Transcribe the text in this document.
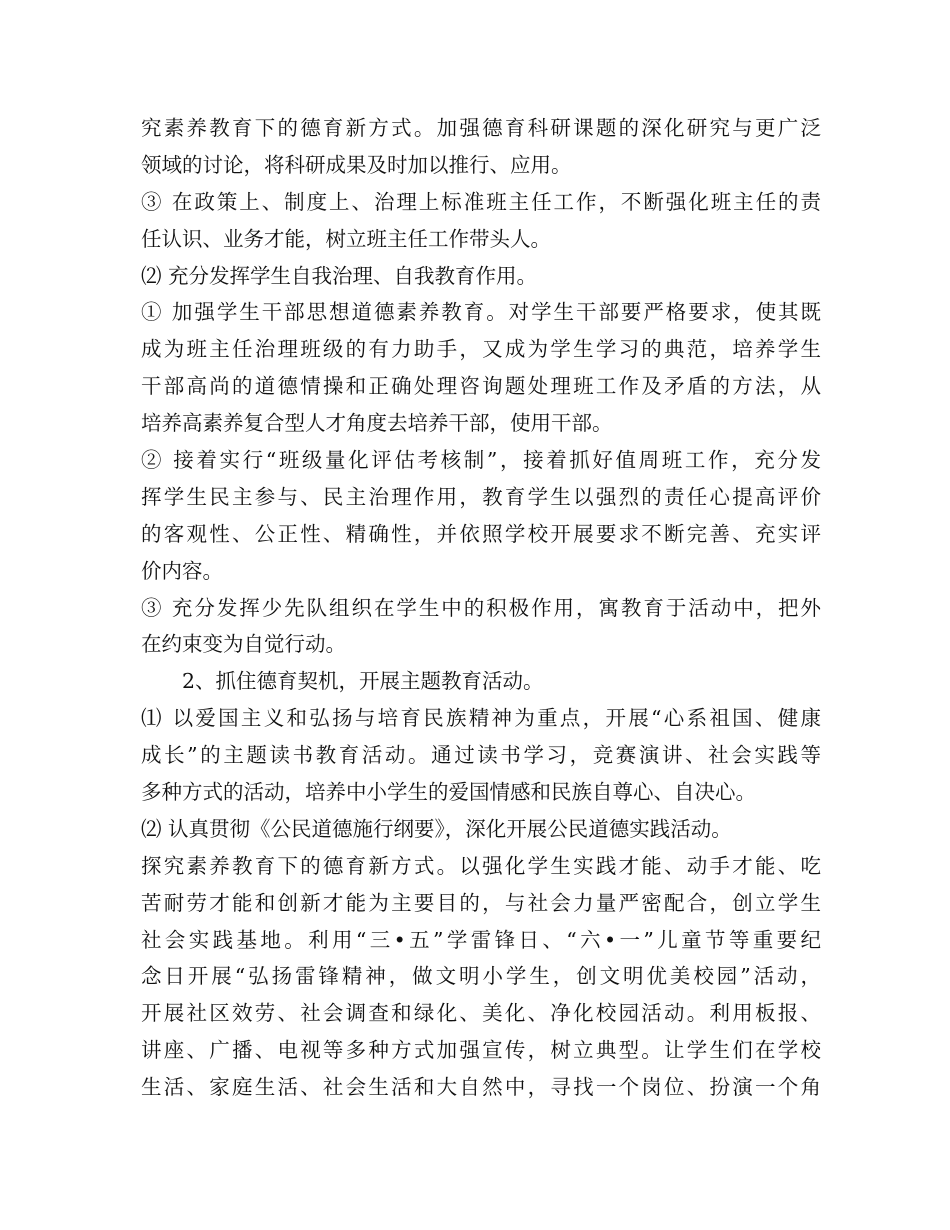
究素养教育下的德育新方式。加强德育科研课题的深化研究与更广泛
领域的讨论，将科研成果及时加以推行、应用。
③ 在政策上、制度上、治理上标准班主任工作，不断强化班主任的责
任认识、业务才能，树立班主任工作带头人。
⑵ 充分发挥学生自我治理、自我教育作用。
① 加强学生干部思想道德素养教育。对学生干部要严格要求，使其既
成为班主任治理班级的有力助手，又成为学生学习的典范，培养学生
干部高尚的道德情操和正确处理咨询题处理班工作及矛盾的方法，从
培养高素养复合型人才角度去培养干部，使用干部。
② 接着实行“班级量化评估考核制”，接着抓好值周班工作，充分发
挥学生民主参与、民主治理作用，教育学生以强烈的责任心提高评价
的客观性、公正性、精确性，并依照学校开展要求不断完善、充实评
价内容。
③ 充分发挥少先队组织在学生中的积极作用，寓教育于活动中，把外
在约束变为自觉行动。
2、抓住德育契机，开展主题教育活动。
⑴ 以爱国主义和弘扬与培育民族精神为重点，开展“心系祖国、健康
成长”的主题读书教育活动。通过读书学习，竞赛演讲、社会实践等
多种方式的活动，培养中小学生的爱国情感和民族自尊心、自决心。
⑵ 认真贯彻《公民道德施行纲要》，深化开展公民道德实践活动。
探究素养教育下的德育新方式。以强化学生实践才能、动手才能、吃
苦耐劳才能和创新才能为主要目的，与社会力量严密配合，创立学生
社会实践基地。利用“三•五”学雷锋日、“六•一”儿童节等重要纪
念日开展“弘扬雷锋精神，做文明小学生，创文明优美校园”活动，
开展社区效劳、社会调查和绿化、美化、净化校园活动。利用板报、
讲座、广播、电视等多种方式加强宣传，树立典型。让学生们在学校
生活、家庭生活、社会生活和大自然中，寻找一个岗位、扮演一个角
